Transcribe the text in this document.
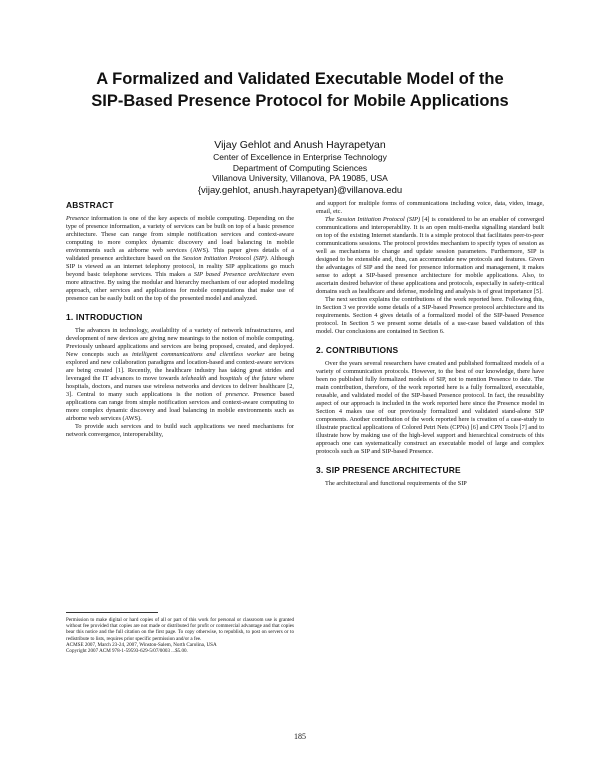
A Formalized and Validated Executable Model of the
SIP-Based Presence Protocol for Mobile Applications
Vijay Gehlot and Anush Hayrapetyan
Center of Excellence in Enterprise Technology
Department of Computing Sciences
Villanova University, Villanova, PA 19085, USA
{vijay.gehlot, anush.hayrapetyan}@villanova.edu
ABSTRACT

Presence information is one of the key aspects of mobile computing. Depending on the type of presence information, a variety of services can be built on top of a basic presence architecture. These can range from simple notification services and context-aware computing to more complex dynamic discovery and load balancing in mobile environments such as airborne web services (AWS). This paper gives details of a validated presence architecture based on the Session Initiation Protocol (SIP). Although SIP is viewed as an internet telephony protocol, in reality SIP applications go much beyond basic telephone services. This makes a SIP based Presence architecture even more attractive. By using the modular and hierarchy mechanism of our adopted modeling approach, other services and applications for mobile computations that make use of presence can be easily built on the top of the presented model and analyzed.

1. INTRODUCTION

The advances in technology, availability of a variety of network infrastructures, and development of new devices are giving new meanings to the notion of mobile computing. Previously unheard applications and services are being proposed, created, and deployed. New concepts such as intelligent communications and clientless worker are being explored and new collaboration paradigms and location-based and context-aware services are being created [1]. Recently, the healthcare industry has taking great strides and leveraged the IT advances to move towards telehealth and hospitals of the future where hospitals, doctors, and nurses use wireless networks and devices to deliver healthcare [2, 3]. Central to many such applications is the notion of presence. Presence based applications can range from simple notification services and context-aware computing to more complex dynamic discovery and load balancing in mobile environments such as airborne web services (AWS).

To provide such services and to build such applications we need mechanisms for network convergence, interoperability,

Permission to make digital or hard copies of all or part of this work for personal or classroom use is granted without fee provided that copies are not made or distributed for profit or commercial advantage and that copies bear this notice and the full citation on the first page. To copy otherwise, to republish, to post on servers or to redistribute to lists, requires prior specific permission and/or a fee.
ACMSE 2007, March 23-24, 2007, Winston-Salem, North Carolina, USA
Copyright 2007 ACM 978-1-59593-629-5/07/0003 ...$5.00.

and support for multiple forms of communications including voice, data, video, image, email, etc.

The Session Initiation Protocol (SIP) [4] is considered to be an enabler of converged communications and interoperability. It is an open multi-media signalling standard built on top of the existing Internet standards. It is a simple protocol that facilitates peer-to-peer communications sessions. The protocol provides mechanism to specify types of session as well as mechanisms to change and update session parameters. Furthermore, SIP is designed to be extensible and, thus, can accommodate new protocols and features. Given the advantages of SIP and the need for presence information and management, it makes sense to adopt a SIP-based presence architecture for mobile applications. Also, to ascertain desired behavior of these applications and protocols, especially in safety-critical domains such as healthcare and defense, modeling and analysis is of great importance [5].

The next section explains the contributions of the work reported here. Following this, in Section 3 we provide some details of a SIP-based Presence protocol architecture and its requirements. Section 4 gives details of a formalized model of the SIP-based Presence protocol. In Section 5 we present some details of a use-case based validation of this model. Our conclusions are contained in Section 6.

2. CONTRIBUTIONS

Over the years several researchers have created and published formalized models of a variety of communication protocols. However, to the best of our knowledge, there have been no published fully formalized models of SIP, not to mention Presence to date. The main contribution, therefore, of the work reported here is a fully formalized, executable, reusable, and validated model of the SIP-based Presence protocol. In fact, the reusability aspect of our approach is included in the work reported here since the Presence model in Section 4 makes use of our previously formalized and validated stand-alone SIP components. Another contribution of the work reported here is creation of a case-study to illustrate practical applications of Colored Petri Nets (CPNs) [6] and CPN Tools [7] and to illustrate how by making use of the high-level support and hierarchical constructs of this approach one can systematically construct an executable model of large and complex protocols such as SIP and SIP-based Presence.

3. SIP PRESENCE ARCHITECTURE

The architectural and functional requirements of the SIP

185
